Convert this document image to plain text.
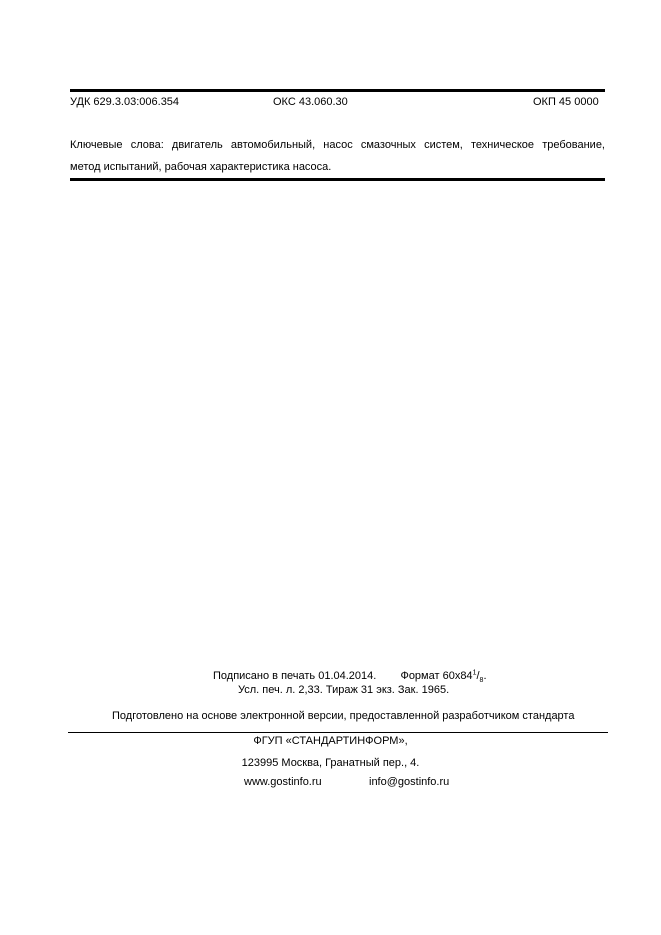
УДК 629.3.03:006.354	ОКС 43.060.30	ОКП 45 0000
Ключевые слова: двигатель автомобильный, насос смазочных систем, техническое требование,
метод испытаний, рабочая характеристика насоса.
Подписано в печать 01.04.2014. Формат $60х84^1/_8$.
Усл. печ. л. 2,33. Тираж 31 экз. Зак. 1965.
Подготовлено на основе электронной версии, предоставленной разработчиком стандарта
ФГУП «СТАНДАРТИНФОРМ»,
123995 Москва, Гранатный пер., 4.
www.gostinfo.ru	info@gostinfo.ru
